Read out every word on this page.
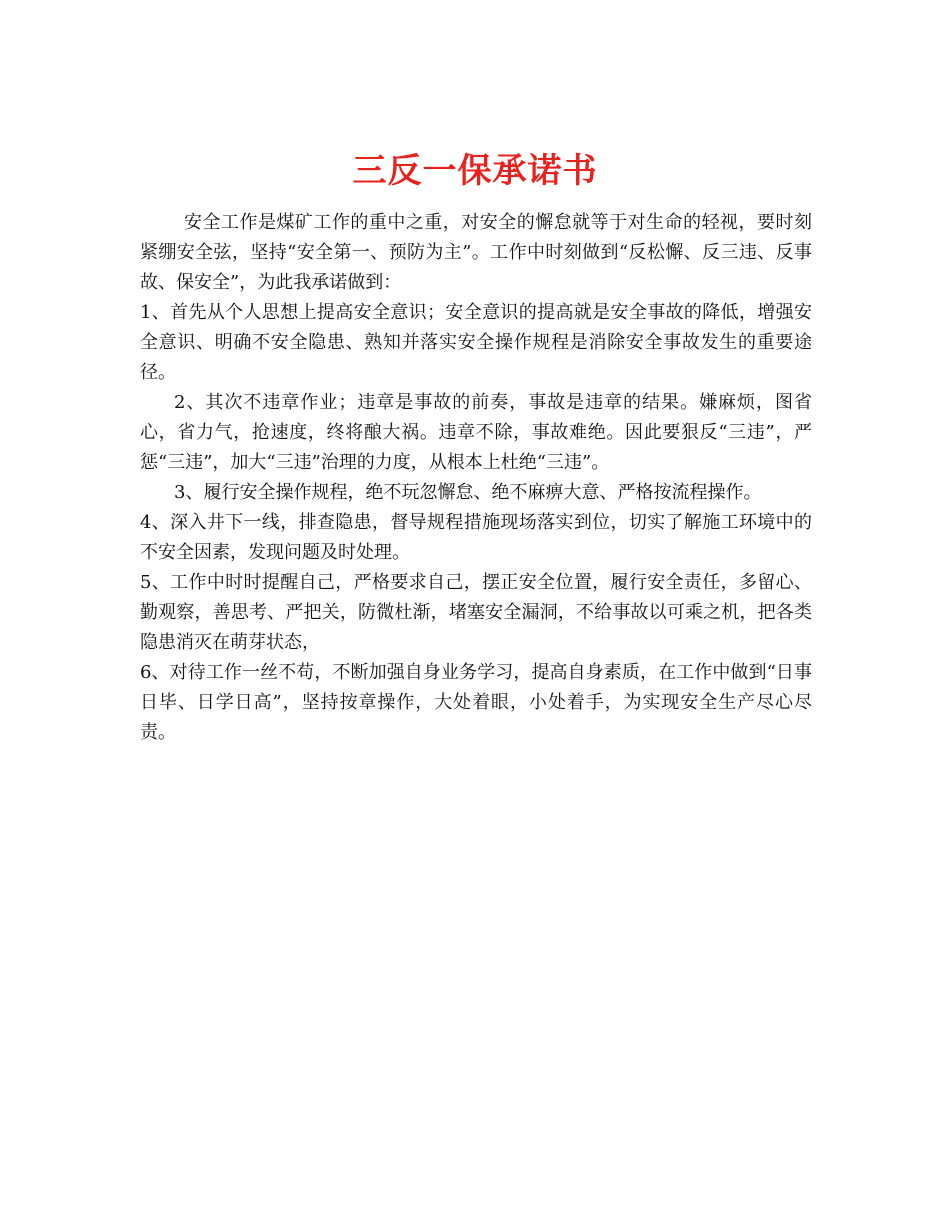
三反一保承诺书

安全工作是煤矿工作的重中之重，对安全的懈怠就等于对生命的轻视，要时刻紧绷安全弦，坚持“安全第一、预防为主”。工作中时刻做到“反松懈、反三违、反事故、保安全”，为此我承诺做到：

1、首先从个人思想上提高安全意识；安全意识的提高就是安全事故的降低，增强安全意识、明确不安全隐患、熟知并落实安全操作规程是消除安全事故发生的重要途径。

2、其次不违章作业；违章是事故的前奏，事故是违章的结果。嫌麻烦，图省心，省力气，抢速度，终将酿大祸。违章不除，事故难绝。因此要狠反“三违”，严惩“三违”，加大“三违”治理的力度，从根本上杜绝“三违”。

3、履行安全操作规程，绝不玩忽懈怠、绝不麻痹大意、严格按流程操作。

4、深入井下一线，排查隐患，督导规程措施现场落实到位，切实了解施工环境中的不安全因素，发现问题及时处理。

5、工作中时时提醒自己，严格要求自己，摆正安全位置，履行安全责任，多留心、勤观察，善思考、严把关，防微杜渐，堵塞安全漏洞，不给事故以可乘之机，把各类隐患消灭在萌芽状态，

6、对待工作一丝不苟，不断加强自身业务学习，提高自身素质，在工作中做到“日事日毕、日学日高”，坚持按章操作，大处着眼，小处着手，为实现安全生产尽心尽责。
